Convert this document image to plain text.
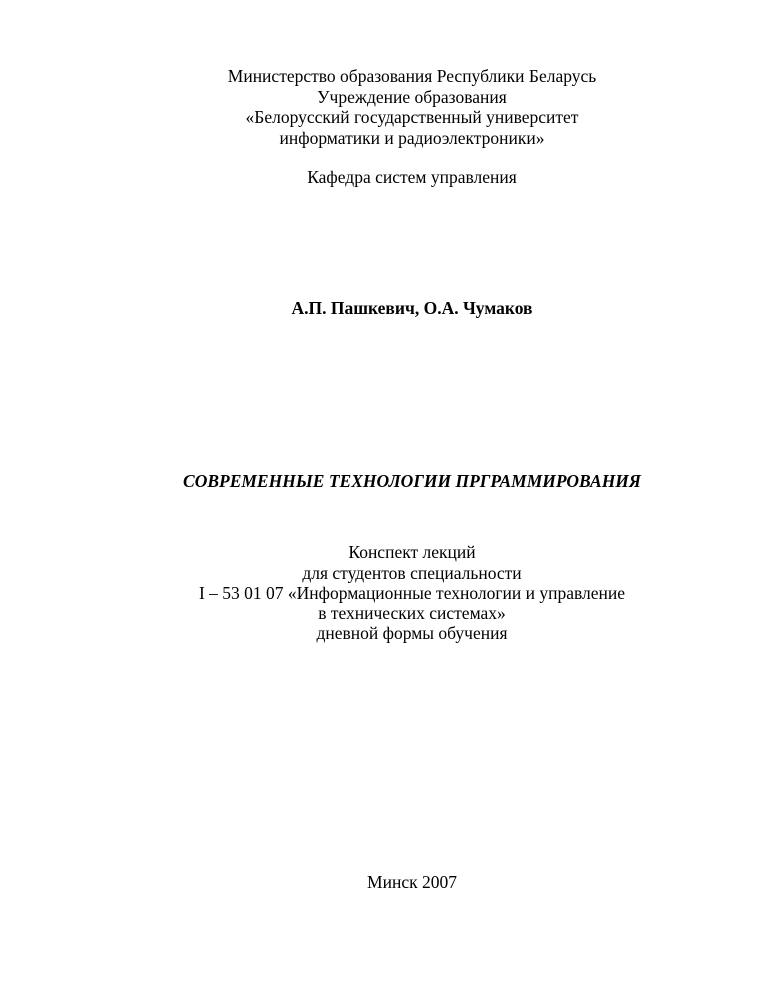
Министерство образования Республики Беларусь
Учреждение образования
«Белорусский государственный университет
информатики и радиоэлектроники»
Кафедра систем управления
А.П. Пашкевич, О.А. Чумаков
СОВРЕМЕННЫЕ ТЕХНОЛОГИИ ПРГРАММИРОВАНИЯ
Конспект лекций
для студентов специальности
I – 53 01 07 «Информационные технологии и управление
в технических системах»
дневной формы обучения
Минск 2007
